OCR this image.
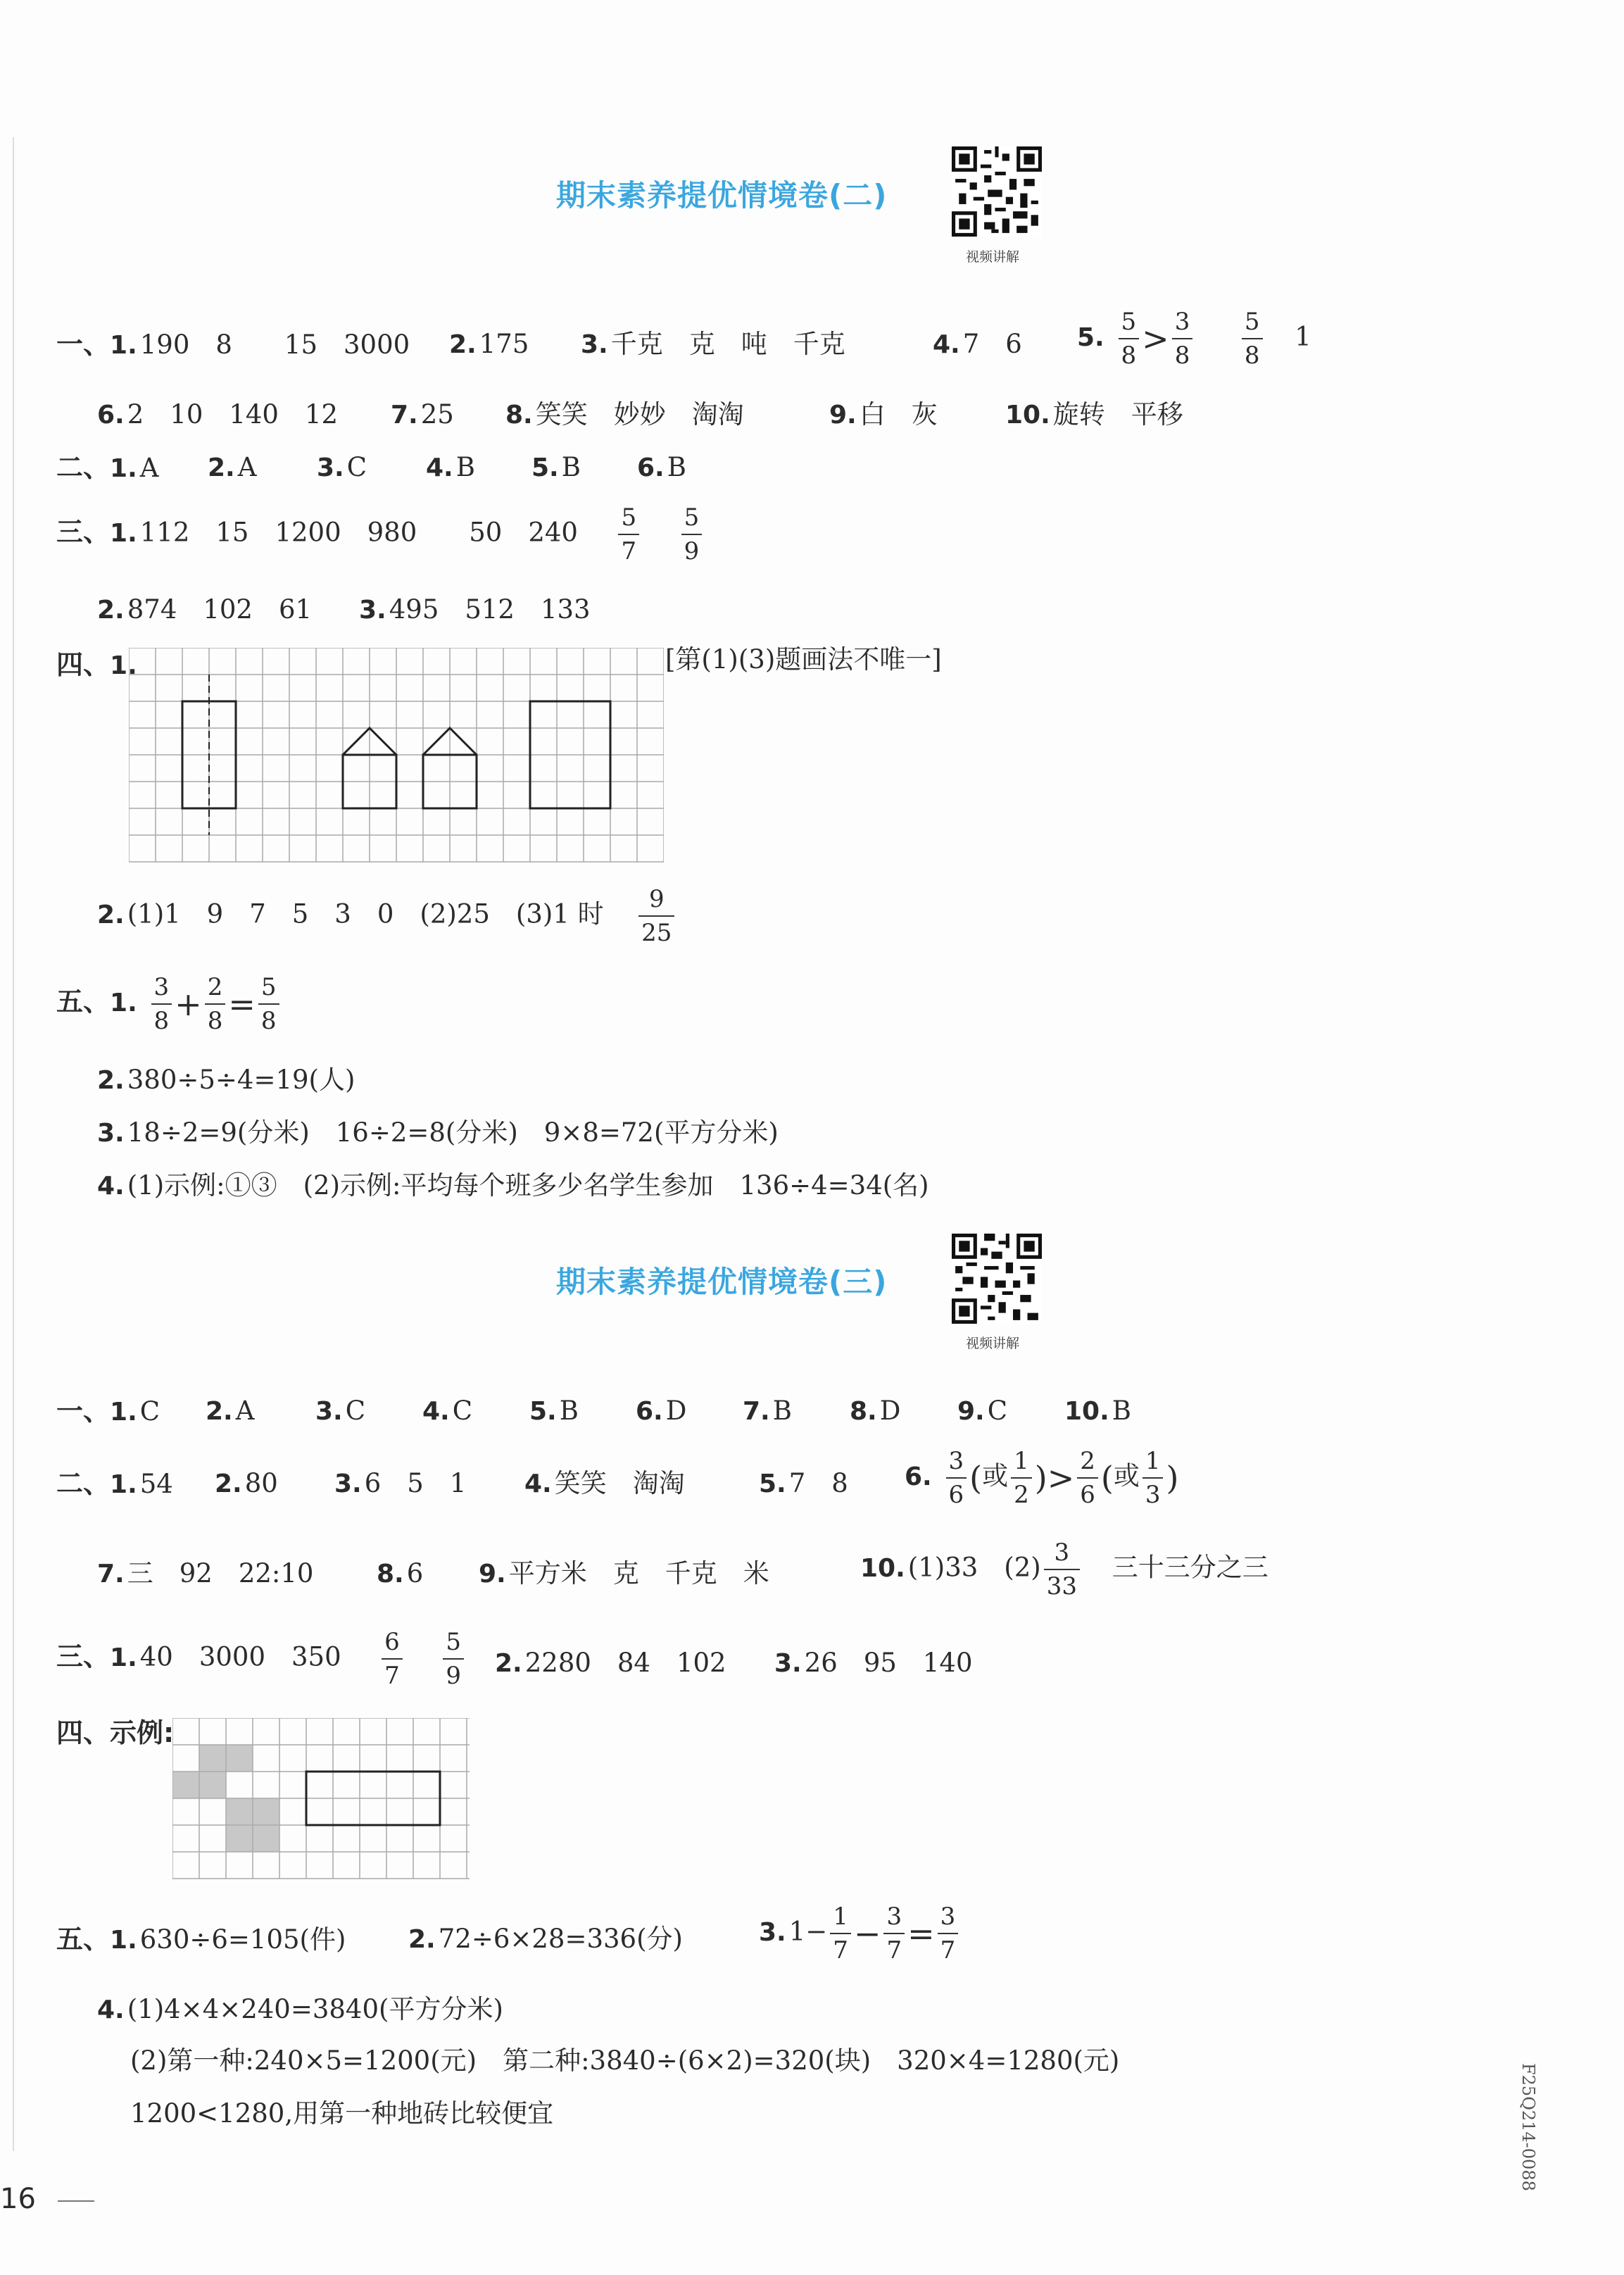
期末素养提优情境卷(二)
视频讲解
一、1. 190　8　　15　3000 2. 175 3. 千克　克　吨　千克	4. 7　6 5. $\frac{5}{8} > \frac{3}{8}$
$\frac{5}{8} 1$
6. 2　10　140　12 7. 25 8. 笑笑　妙妙　淘淘	9. 白　灰	10. 旋转　平移
二、1. A 2. A 3. C 4. B 5. B 6. B
三、1. 112　15　1200　980　　50　$240 \frac{5}{7}$
$\frac{5}{9}$
2. 874　102　61 3. 495　512　133
四、1.	[第(1)(3)题画法不唯一]
2. (1)1　9　7　5　3　0　(2)25　(3)1 时 $\frac{9}{25}$
五、1. $\frac{3}{8} + \frac{2}{8} = \frac{5}{8}$
2. 380÷5÷4=19(人)
3. 18÷2=9(分米)　16÷2=8(分米)　9×8=72(平方分米)
4. (1)示例:①③　(2)示例:平均每个班多少名学生参加　136÷4=34(名)
期末素养提优情境卷(三)
视频讲解
一、1. C 2. A 3. C 4. C 5. B 6. D 7. B 8. D 9. C 10. B
二、1. 54 2. 80 3. 6　5　1 4. 笑笑　淘淘	5. 7　8 6. $\frac{3}{6}$ (或 $\frac{1}{2}$ )> $\frac{2}{6}$ (或 $\frac{1}{3}$ )
7. 三　92　22:10 8. 6 9. 平方米　克　千克　米	10. (1)33　$(2) \frac{3}{33}$ 三十三分之三
三、1. 40　3000　$350 \frac{6}{7}$
$\frac{5}{9} 2$. 2280　84　102 3. 26　95　140
四、示例:
五、1. 630÷6=105(件) 2. 72÷6×28=336(分)	3. $1- \frac{1}{7} - \frac{3}{7} = \frac{3}{7}$
4. (1)4×4×240=3840(平方分米)
(2)第一种:240×5=1200(元)　第二种:3840÷(6×2)=320(块)　320×4=1280(元)
1200<1280,用第一种地砖比较便宜
16
F25Q214-0088
